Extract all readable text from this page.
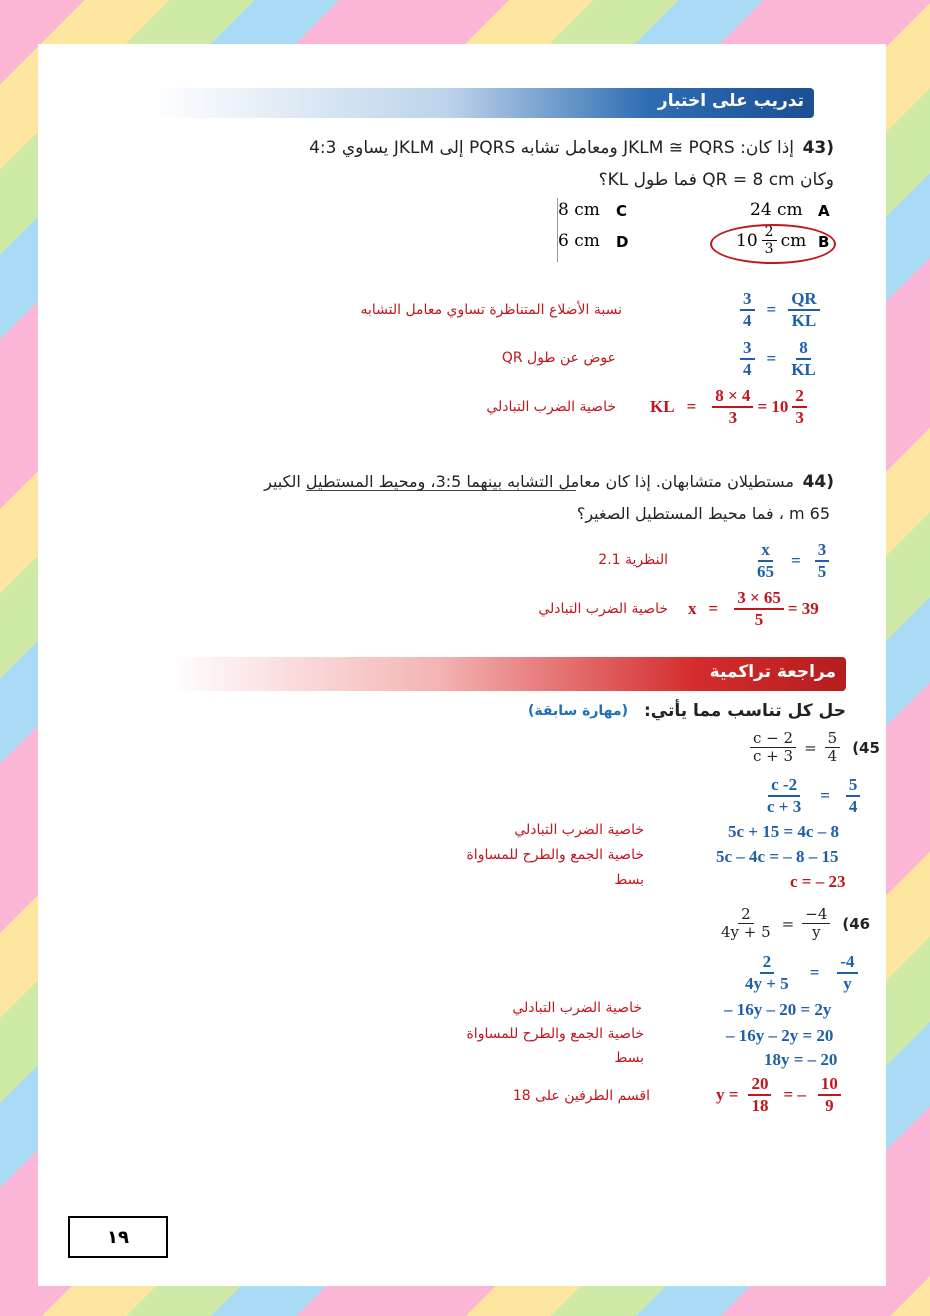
تدريب على اختبار
43)
إذا كان: JKLM ≅ PQRS ومعامل تشابه PQRS إلى JKLM يساوي 4:3
وكان QR = 8 cm فما طول KL؟
24 cm A
8 cm C
$10 \frac{2}{3}$ cm B
6 cm D
$\frac{3}{4} = \frac{QR}{KL}$
نسبة الأضلاع المتناظرة تساوي معامل التشابه
$\frac{3}{4} = \frac{8}{KL}$
عوض عن طول QR
KL = $\frac{8 \times 4}{3} = 10 \frac{2}{3}$
خاصية الضرب التبادلي
44)
مستطيلان متشابهان. إذا كان معامل التشابه بينهما 3:5، ومحيط المستطيل الكبير
65 m ، فما محيط المستطيل الصغير؟
$\frac{x}{65} = \frac{3}{5}$
النظرية 2.1
$x = \frac{3 \times 65}{5} = 39$
خاصية الضرب التبادلي
مراجعة تراكمية
حل كل تناسب مما يأتي:
(مهارة سابقة)
$\frac{c - 2}{c + 3} = \frac{5}{4} (45$
$\frac{c -2}{c + 3} = \frac{5}{4}$
5c + 15 = 4c – 8
خاصية الضرب التبادلي
5c – 4c = – 8 – 15
خاصية الجمع والطرح للمساواة
c = – 23
بسط
$\frac{2}{4y + 5} = \frac{-4}{y} (46$
$\frac{2}{4y + 5} = \frac{-4}{y}$
– 16y – 20 = 2y
خاصية الضرب التبادلي
– 16y – 2y = 20
خاصية الجمع والطرح للمساواة
18y = – 20
بسط
$y = \frac{20}{18}$ = – $\frac{10}{9}$
اقسم الطرفين على 18
١٩
